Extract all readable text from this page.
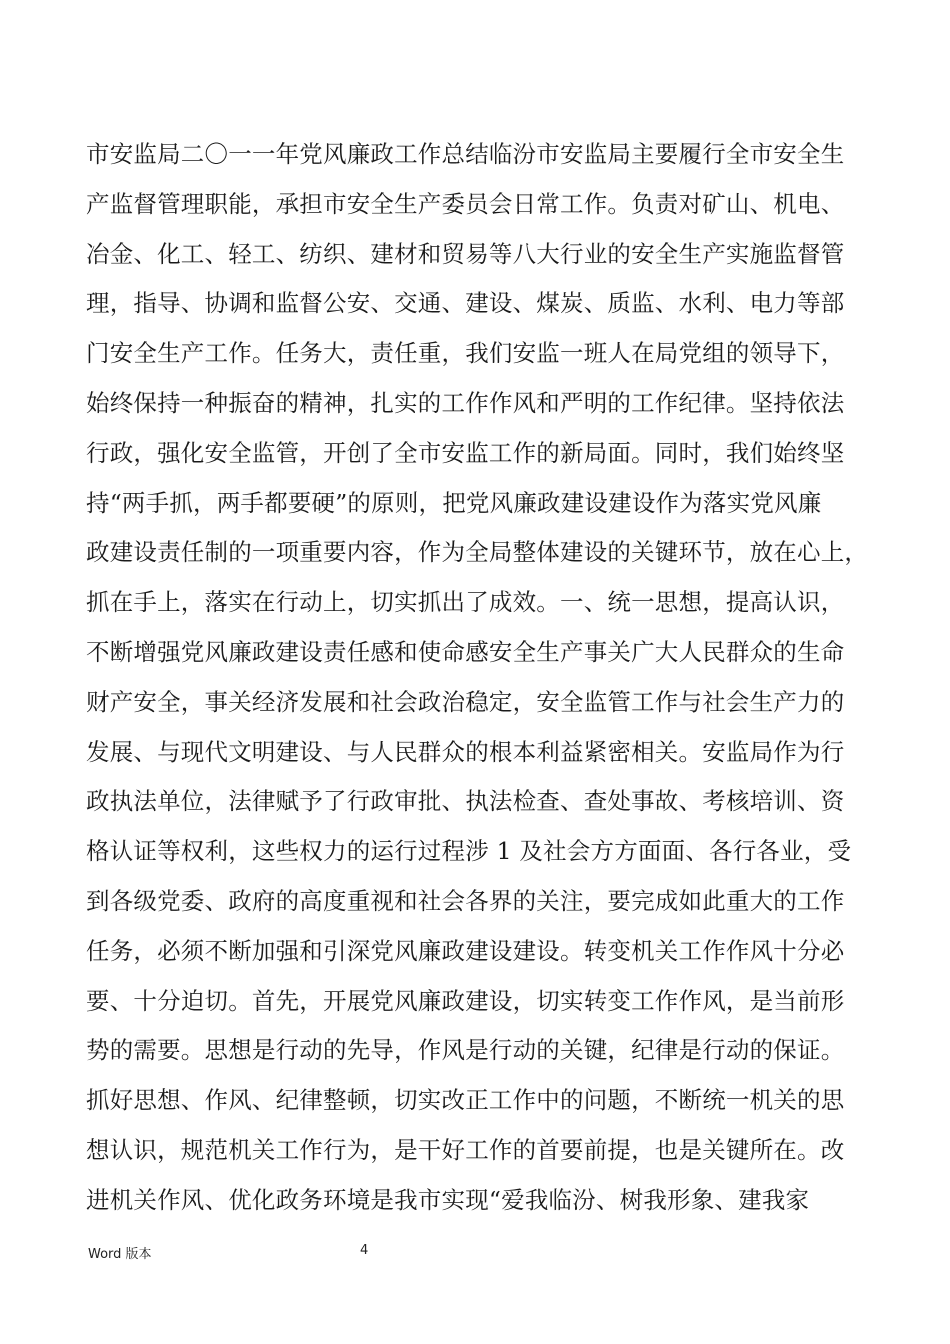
市安监局二〇一一年党风廉政工作总结临汾市安监局主要履行全市安全生
产监督管理职能，承担市安全生产委员会日常工作。负责对矿山、机电、
冶金、化工、轻工、纺织、建材和贸易等八大行业的安全生产实施监督管
理，指导、协调和监督公安、交通、建设、煤炭、质监、水利、电力等部
门安全生产工作。任务大，责任重，我们安监一班人在局党组的领导下，
始终保持一种振奋的精神，扎实的工作作风和严明的工作纪律。坚持依法
行政，强化安全监管，开创了全市安监工作的新局面。同时，我们始终坚
持“两手抓，两手都要硬”的原则，把党风廉政建设建设作为落实党风廉
政建设责任制的一项重要内容，作为全局整体建设的关键环节，放在心上，
抓在手上，落实在行动上，切实抓出了成效。一、统一思想，提高认识，
不断增强党风廉政建设责任感和使命感安全生产事关广大人民群众的生命
财产安全，事关经济发展和社会政治稳定，安全监管工作与社会生产力的
发展、与现代文明建设、与人民群众的根本利益紧密相关。安监局作为行
政执法单位，法律赋予了行政审批、执法检查、查处事故、考核培训、资
格认证等权利，这些权力的运行过程涉 1 及社会方方面面、各行各业，受
到各级党委、政府的高度重视和社会各界的关注，要完成如此重大的工作
任务，必须不断加强和引深党风廉政建设建设。转变机关工作作风十分必
要、十分迫切。首先，开展党风廉政建设，切实转变工作作风，是当前形
势的需要。思想是行动的先导，作风是行动的关键，纪律是行动的保证。
抓好思想、作风、纪律整顿，切实改正工作中的问题，不断统一机关的思
想认识，规范机关工作行为，是干好工作的首要前提，也是关键所在。改
进机关作风、优化政务环境是我市实现“爱我临汾、树我形象、建我家
Word 版本	4
